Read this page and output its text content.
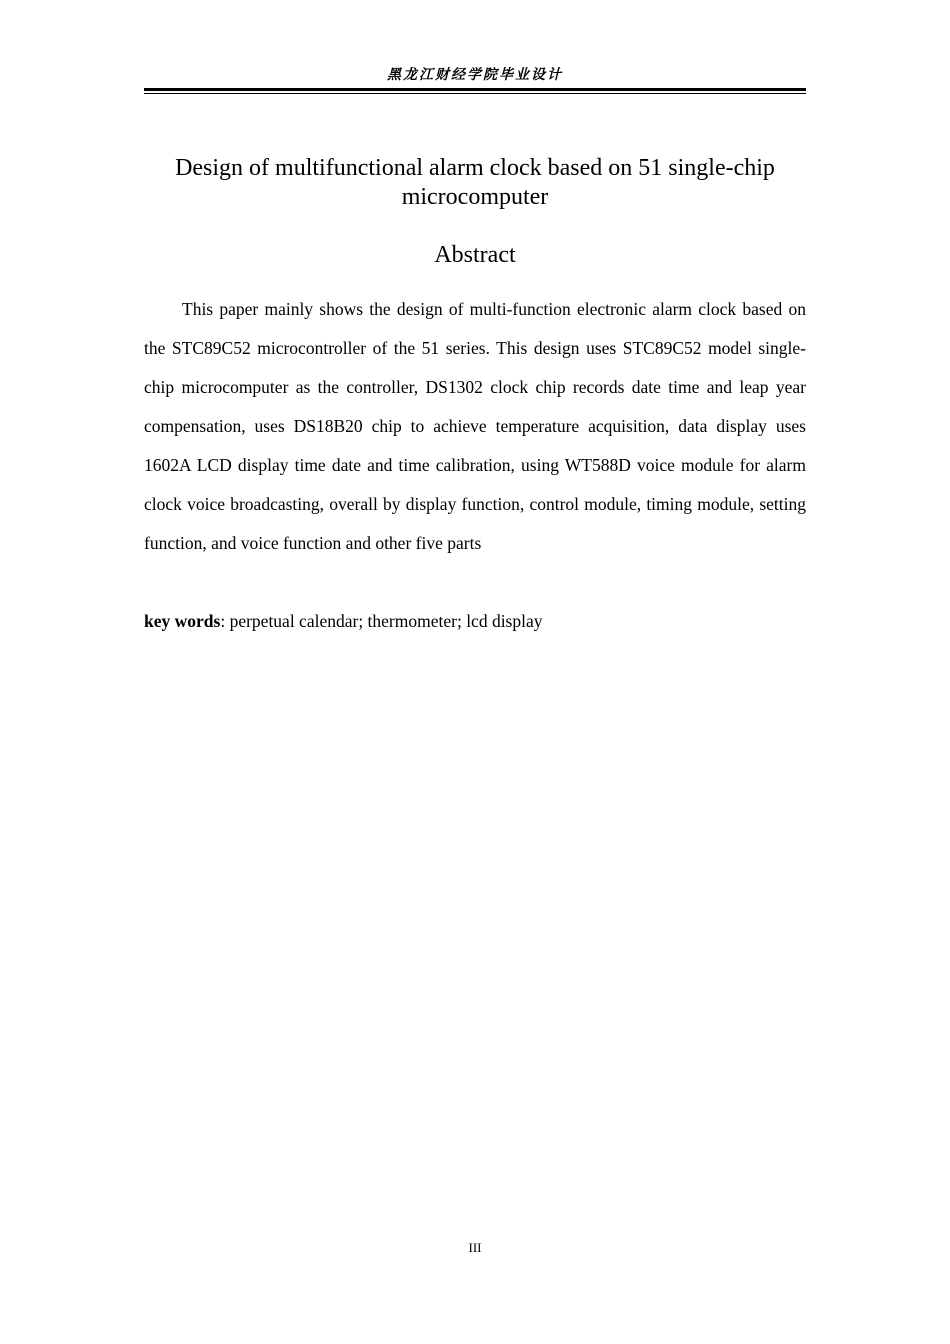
黑龙江财经学院毕业设计
Design of multifunctional alarm clock based on 51 single-chip microcomputer
Abstract

This paper mainly shows the design of multi-function electronic alarm clock based on the STC89C52 microcontroller of the 51 series. This design uses STC89C52 model single-chip microcomputer as the controller, DS1302 clock chip records date time and leap year compensation, uses DS18B20 chip to achieve temperature acquisition, data display uses 1602A LCD display time date and time calibration, using WT588D voice module for alarm clock voice broadcasting, overall by display function, control module, timing module, setting function, and voice function and other five parts

key words: perpetual calendar; thermometer; lcd display
III
